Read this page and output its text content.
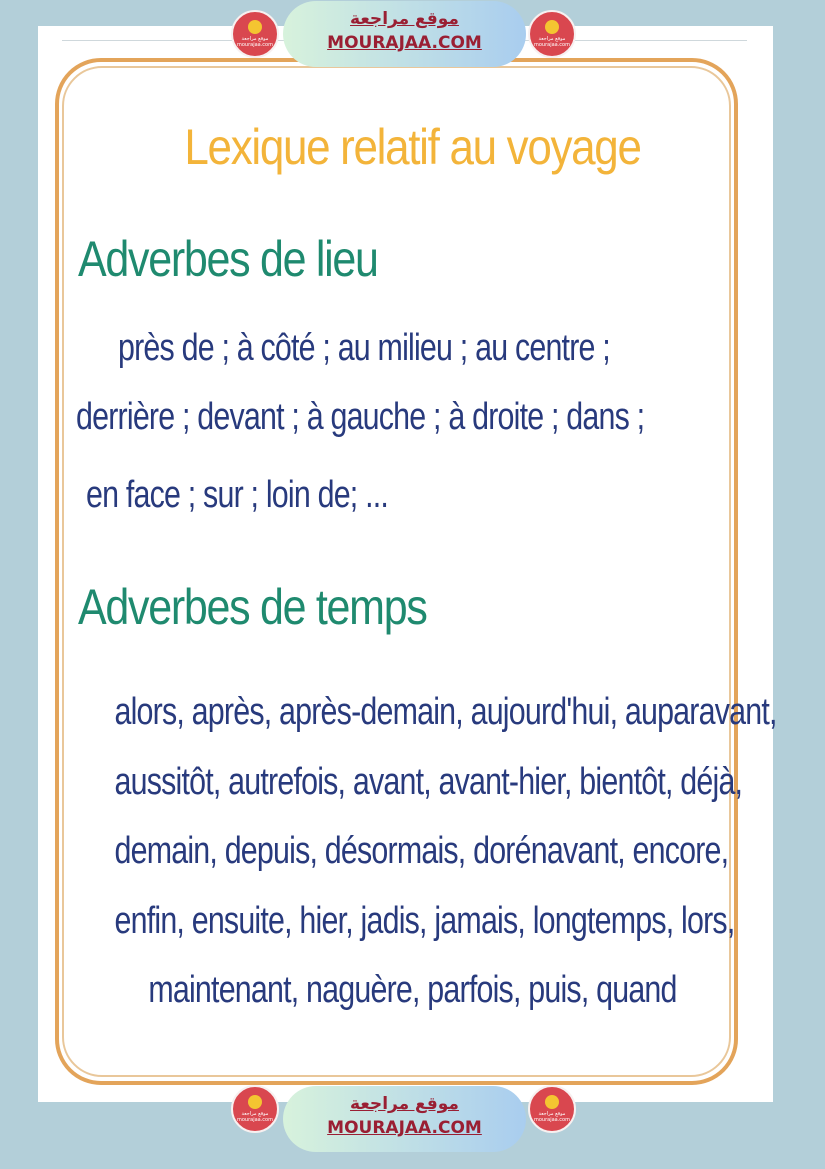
موقع مراجعة
mourajaa.com
موقع مراجعة
MOURAJAA.COM	موقع مراجعة
mourajaa.com
Lexique relatif au voyage
Adverbes de lieu
près de ; à côté ; au milieu ; au centre ;
derrière ; devant ; à gauche ; à droite ; dans ;
en face ; sur ; loin de; ...
Adverbes de temps
alors, après, après-demain, aujourd'hui, auparavant,
aussitôt, autrefois, avant, avant-hier, bientôt, déjà,
demain, depuis, désormais, dorénavant, encore,
enfin, ensuite, hier, jadis, jamais, longtemps, lors,
maintenant, naguère, parfois, puis, quand
موقع مراجعة
mourajaa.com
موقع مراجعة
MOURAJAA.COM
موقع مراجعة
mourajaa.com
